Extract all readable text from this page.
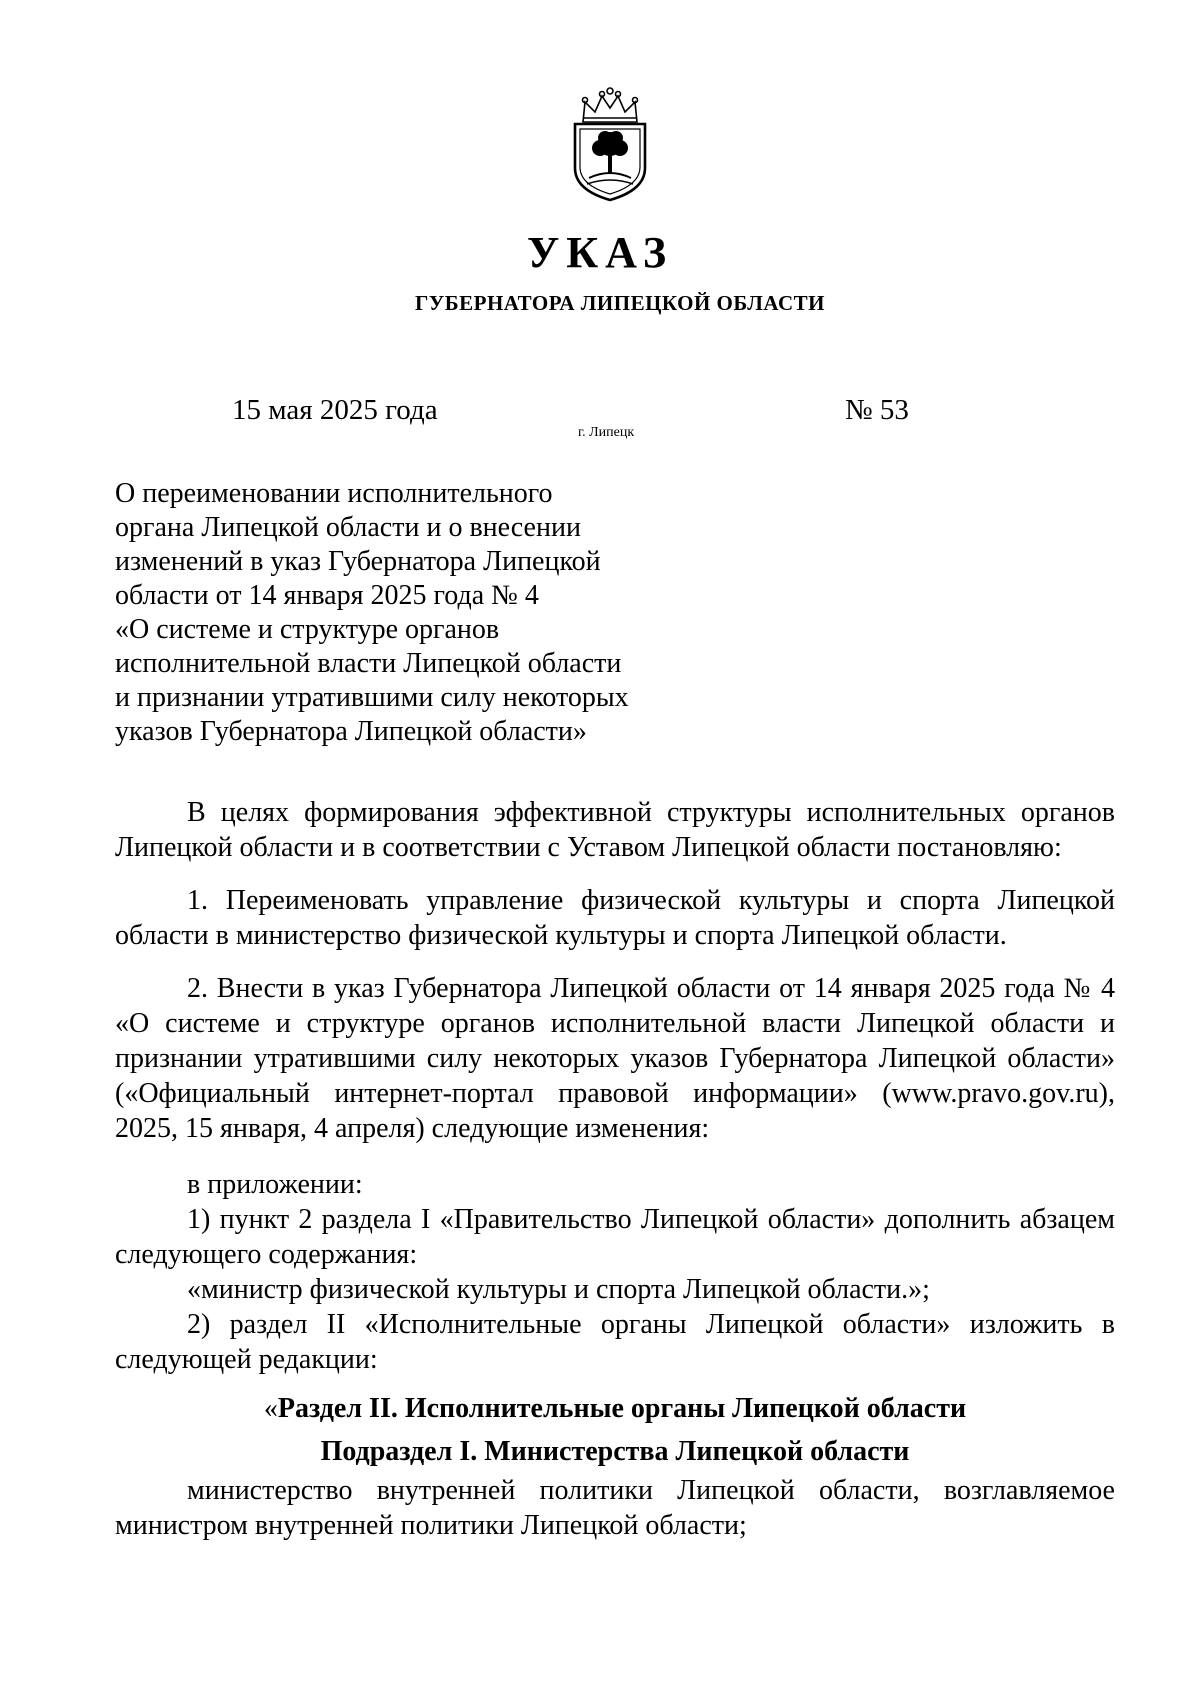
УКАЗ
ГУБЕРНАТОРА ЛИПЕЦКОЙ ОБЛАСТИ
15 мая 2025 года
г. Липецк
№ 53
О переименовании исполнительного
органа Липецкой области и о внесении
изменений в указ Губернатора Липецкой
области от 14 января 2025 года № 4
«О системе и структуре органов
исполнительной власти Липецкой области
и признании утратившими силу некоторых
указов Губернатора Липецкой области»

В целях формирования эффективной структуры исполнительных органов Липецкой области и в соответствии с Уставом Липецкой области постановляю:

1. Переименовать управление физической культуры и спорта Липецкой области в министерство физической культуры и спорта Липецкой области.

2. Внести в указ Губернатора Липецкой области от 14 января 2025 года № 4 «О системе и структуре органов исполнительной власти Липецкой области и признании утратившими силу некоторых указов Губернатора Липецкой области» («Официальный интернет-портал правовой информации» (www.pravo.gov.ru), 2025, 15 января, 4 апреля) следующие изменения:

в приложении:

1) пункт 2 раздела I «Правительство Липецкой области» дополнить абзацем следующего содержания:

«министр физической культуры и спорта Липецкой области.»;

2) раздел II «Исполнительные органы Липецкой области» изложить в следующей редакции:

«Раздел II. Исполнительные органы Липецкой области

Подраздел I. Министерства Липецкой области

министерство внутренней политики Липецкой области, возглавляемое министром внутренней политики Липецкой области;
